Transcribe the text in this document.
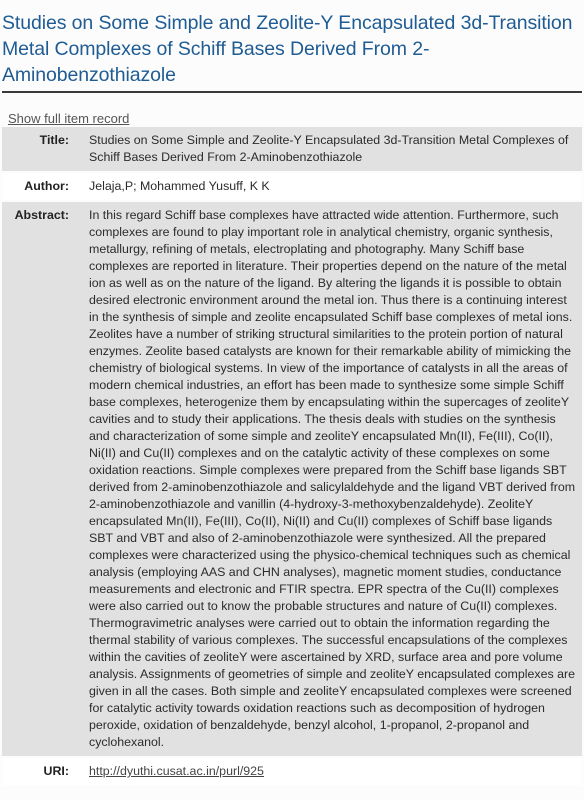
Studies on Some Simple and Zeolite-Y Encapsulated 3d-Transition Metal Complexes of Schiff Bases Derived From 2-Aminobenzothiazole
Show full item record
Title:	Studies on Some Simple and Zeolite-Y Encapsulated 3d-Transition Metal Complexes of Schiff Bases Derived From 2-Aminobenzothiazole
Author:	Jelaja,P; Mohammed Yusuff, K K
Abstract:	In this regard Schiff base complexes have attracted wide attention. Furthermore, such complexes are found to play important role in analytical chemistry, organic synthesis, metallurgy, refining of metals, electroplating and photography. Many Schiff base complexes are reported in literature. Their properties depend on the nature of the metal ion as well as on the nature of the ligand. By altering the ligands it is possible to obtain desired electronic environment around the metal ion. Thus there is a continuing interest in the synthesis of simple and zeolite encapsulated Schiff base complexes of metal ions. Zeolites have a number of striking structural similarities to the protein portion of natural enzymes. Zeolite based catalysts are known for their remarkable ability of mimicking the chemistry of biological systems. In view of the importance of catalysts in all the areas of modern chemical industries, an effort has been made to synthesize some simple Schiff base complexes, heterogenize them by encapsulating within the supercages of zeoliteY cavities and to study their applications. The thesis deals with studies on the synthesis and characterization of some simple and zeoliteY encapsulated Mn(II), Fe(III), Co(II), Ni(II) and Cu(II) complexes and on the catalytic activity of these complexes on some oxidation reactions. Simple complexes were prepared from the Schiff base ligands SBT derived from 2-aminobenzothiazole and salicylaldehyde and the ligand VBT derived from 2-aminobenzothiazole and vanillin (4-hydroxy-3-methoxybenzaldehyde). ZeoliteY encapsulated Mn(II), Fe(III), Co(II), Ni(II) and Cu(II) complexes of Schiff base ligands SBT and VBT and also of 2-aminobenzothiazole were synthesized. All the prepared complexes were characterized using the physico-chemical techniques such as chemical analysis (employing AAS and CHN analyses), magnetic moment studies, conductance measurements and electronic and FTIR spectra. EPR spectra of the Cu(II) complexes were also carried out to know the probable structures and nature of Cu(II) complexes. Thermogravimetric analyses were carried out to obtain the information regarding the thermal stability of various complexes. The successful encapsulations of the complexes within the cavities of zeoliteY were ascertained by XRD, surface area and pore volume analysis. Assignments of geometries of simple and zeoliteY encapsulated complexes are given in all the cases. Both simple and zeoliteY encapsulated complexes were screened for catalytic activity towards oxidation reactions such as decomposition of hydrogen peroxide, oxidation of benzaldehyde, benzyl alcohol, 1-propanol, 2-propanol and cyclohexanol.
URI:	http://dyuthi.cusat.ac.in/purl/925
